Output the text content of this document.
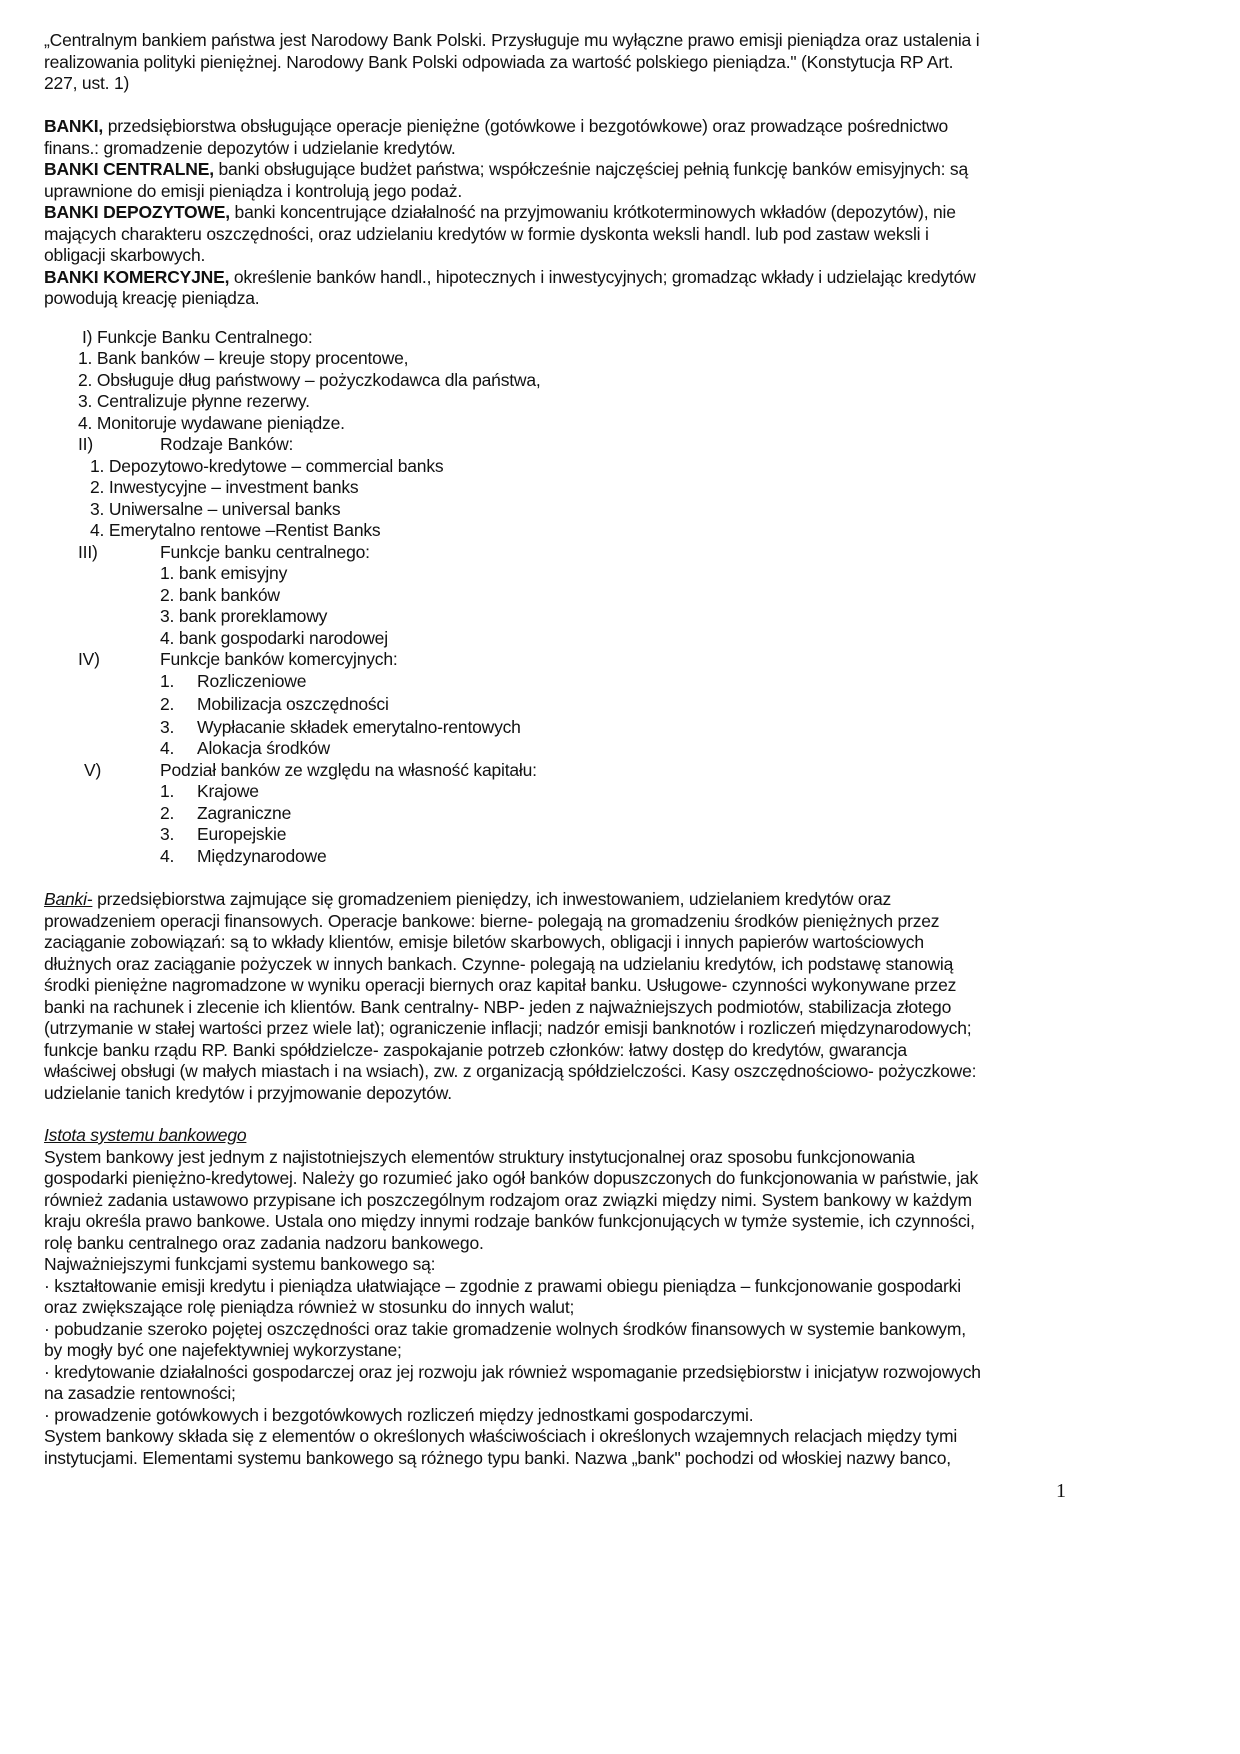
„Centralnym bankiem państwa jest Narodowy Bank Polski. Przysługuje mu wyłączne prawo emisji pieniądza oraz ustalenia i
realizowania polityki pieniężnej. Narodowy Bank Polski odpowiada za wartość polskiego pieniądza." (Konstytucja RP Art.
227, ust. 1)
BANKI, przedsiębiorstwa obsługujące operacje pieniężne (gotówkowe i bezgotówkowe) oraz prowadzące pośrednictwo
finans.: gromadzenie depozytów i udzielanie kredytów.
BANKI CENTRALNE, banki obsługujące budżet państwa; współcześnie najczęściej pełnią funkcję banków emisyjnych: są
uprawnione do emisji pieniądza i kontrolują jego podaż.
BANKI DEPOZYTOWE, banki koncentrujące działalność na przyjmowaniu krótkoterminowych wkładów (depozytów), nie
mających charakteru oszczędności, oraz udzielaniu kredytów w formie dyskonta weksli handl. lub pod zastaw weksli i
obligacji skarbowych.
BANKI KOMERCYJNE, określenie banków handl., hipotecznych i inwestycyjnych; gromadząc wkłady i udzielając kredytów
powodują kreację pieniądza.
I) Funkcje Banku Centralnego:
1. Bank banków – kreuje stopy procentowe,
2. Obsługuje dług państwowy – pożyczkodawca dla państwa,
3. Centralizuje płynne rezerwy.
4. Monitoruje wydawane pieniądze.
II)	Rodzaje Banków:
1. Depozytowo-kredytowe – commercial banks
2. Inwestycyjne – investment banks
3. Uniwersalne – universal banks
4. Emerytalno rentowe –Rentist Banks
III)	Funkcje banku centralnego:
1. bank emisyjny
2. bank banków
3. bank proreklamowy
4. bank gospodarki narodowej
IV)	Funkcje banków komercyjnych:
1. Rozliczeniowe
2. Mobilizacja oszczędności
3. Wypłacanie składek emerytalno-rentowych
4. Alokacja środków
V)	Podział banków ze względu na własność kapitału:
1. Krajowe
2. Zagraniczne
3. Europejskie
4. Międzynarodowe
Banki- przedsiębiorstwa zajmujące się gromadzeniem pieniędzy, ich inwestowaniem, udzielaniem kredytów oraz
prowadzeniem operacji finansowych. Operacje bankowe: bierne- polegają na gromadzeniu środków pieniężnych przez
zaciąganie zobowiązań: są to wkłady klientów, emisje biletów skarbowych, obligacji i innych papierów wartościowych
dłużnych oraz zaciąganie pożyczek w innych bankach. Czynne- polegają na udzielaniu kredytów, ich podstawę stanowią
środki pieniężne nagromadzone w wyniku operacji biernych oraz kapitał banku. Usługowe- czynności wykonywane przez
banki na rachunek i zlecenie ich klientów. Bank centralny- NBP- jeden z najważniejszych podmiotów, stabilizacja złotego
(utrzymanie w stałej wartości przez wiele lat); ograniczenie inflacji; nadzór emisji banknotów i rozliczeń międzynarodowych;
funkcje banku rządu RP. Banki spółdzielcze- zaspokajanie potrzeb członków: łatwy dostęp do kredytów, gwarancja
właściwej obsługi (w małych miastach i na wsiach), zw. z organizacją spółdzielczości. Kasy oszczędnościowo- pożyczkowe:
udzielanie tanich kredytów i przyjmowanie depozytów.
Istota systemu bankowego
System bankowy jest jednym z najistotniejszych elementów struktury instytucjonalnej oraz sposobu funkcjonowania
gospodarki pieniężno-kredytowej. Należy go rozumieć jako ogół banków dopuszczonych do funkcjonowania w państwie, jak
również zadania ustawowo przypisane ich poszczególnym rodzajom oraz związki między nimi. System bankowy w każdym
kraju określa prawo bankowe. Ustala ono między innymi rodzaje banków funkcjonujących w tymże systemie, ich czynności,
rolę banku centralnego oraz zadania nadzoru bankowego.
Najważniejszymi funkcjami systemu bankowego są:
· kształtowanie emisji kredytu i pieniądza ułatwiające – zgodnie z prawami obiegu pieniądza – funkcjonowanie gospodarki
oraz zwiększające rolę pieniądza również w stosunku do innych walut;
· pobudzanie szeroko pojętej oszczędności oraz takie gromadzenie wolnych środków finansowych w systemie bankowym,
by mogły być one najefektywniej wykorzystane;
· kredytowanie działalności gospodarczej oraz jej rozwoju jak również wspomaganie przedsiębiorstw i inicjatyw rozwojowych
na zasadzie rentowności;
· prowadzenie gotówkowych i bezgotówkowych rozliczeń między jednostkami gospodarczymi.
System bankowy składa się z elementów o określonych właściwościach i określonych wzajemnych relacjach między tymi
instytucjami. Elementami systemu bankowego są różnego typu banki. Nazwa „bank" pochodzi od włoskiej nazwy banco,
1
